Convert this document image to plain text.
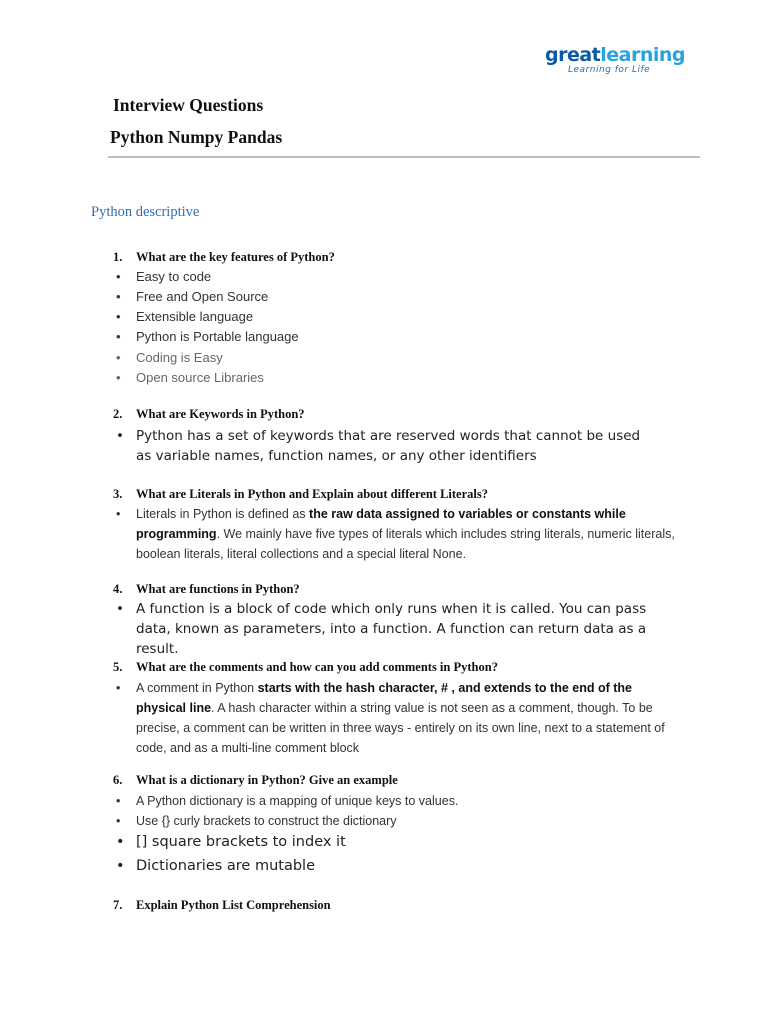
greatlearning
Learning for Life
Interview Questions
Python Numpy Pandas
Python descriptive
1. What are the key features of Python?
• Easy to code
• Free and Open Source
• Extensible language
• Python is Portable language
• Coding is Easy
• Open source Libraries
2. What are Keywords in Python?
• Python has a set of keywords that are reserved words that cannot be used as variable names, function names, or any other identifiers
3. What are Literals in Python and Explain about different Literals?
• Literals in Python is defined as the raw data assigned to variables or constants while programming. We mainly have five types of literals which includes string literals, numeric literals, boolean literals, literal collections and a special literal None.
4. What are functions in Python?
• A function is a block of code which only runs when it is called. You can pass data, known as parameters, into a function. A function can return data as a result.
5. What are the comments and how can you add comments in Python?
• A comment in Python starts with the hash character, # , and extends to the end of the physical line. A hash character within a string value is not seen as a comment, though. To be precise, a comment can be written in three ways - entirely on its own line, next to a statement of code, and as a multi-line comment block
6. What is a dictionary in Python? Give an example
• A Python dictionary is a mapping of unique keys to values.
• Use {} curly brackets to construct the dictionary
• [] square brackets to index it
• Dictionaries are mutable
7. Explain Python List Comprehension
